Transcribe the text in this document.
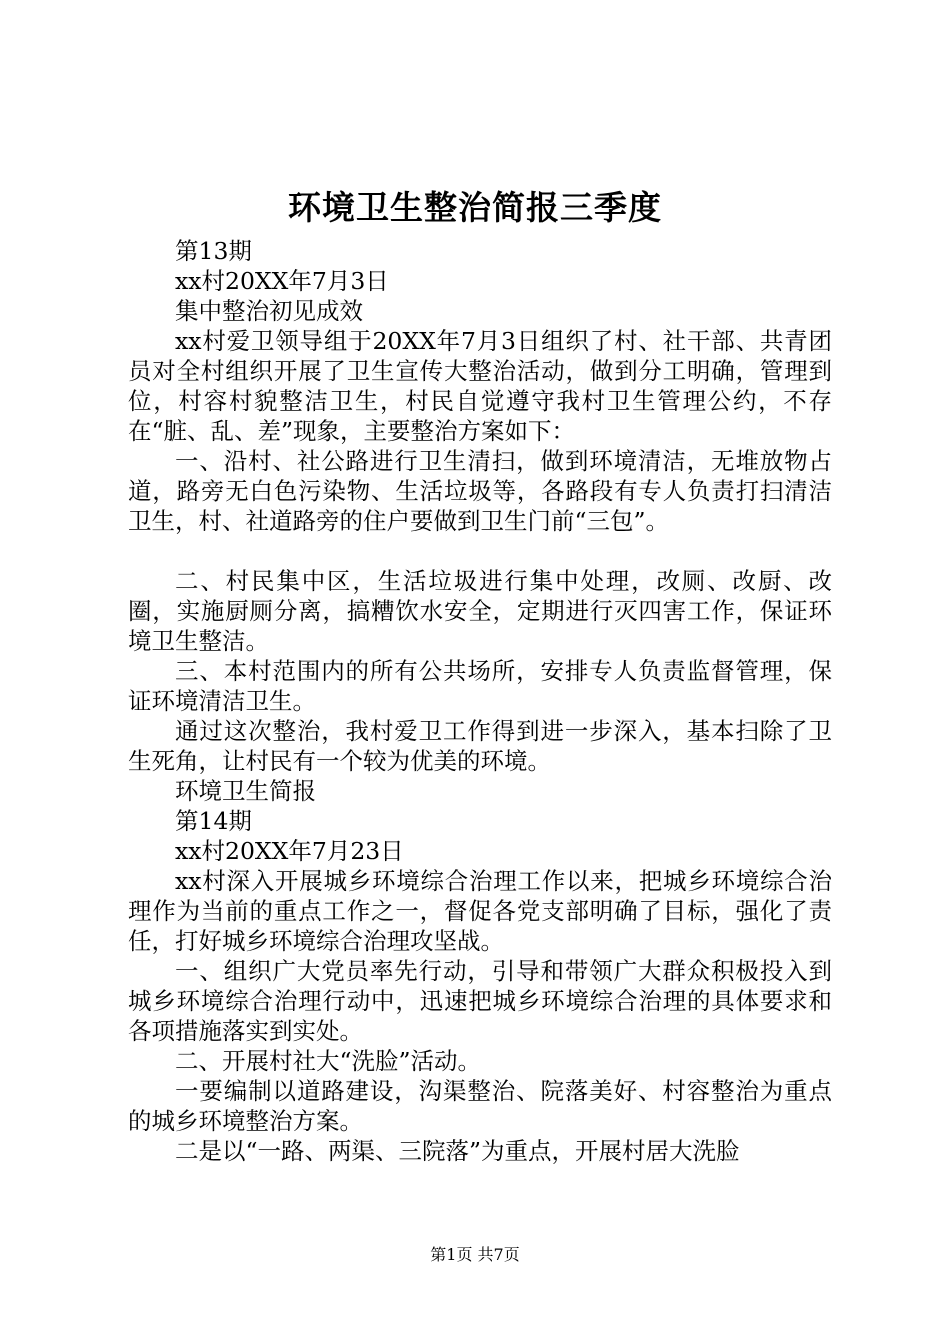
环境卫生整治简报三季度

第13期

xx村20XX年7月3日

集中整治初见成效

xx村爱卫领导组于20XX年7月3日组织了村、社干部、共青团员对全村组织开展了卫生宣传大整治活动，做到分工明确，管理到位，村容村貌整洁卫生，村民自觉遵守我村卫生管理公约，不存在“脏、乱、差”现象，主要整治方案如下：

一、沿村、社公路进行卫生清扫，做到环境清洁，无堆放物占道，路旁无白色污染物、生活垃圾等，各路段有专人负责打扫清洁卫生，村、社道路旁的住户要做到卫生门前“三包”。

二、村民集中区，生活垃圾进行集中处理，改厕、改厨、改圈，实施厨厕分离，搞糟饮水安全，定期进行灭四害工作，保证环境卫生整洁。

三、本村范围内的所有公共场所，安排专人负责监督管理，保证环境清洁卫生。

通过这次整治，我村爱卫工作得到进一步深入，基本扫除了卫生死角，让村民有一个较为优美的环境。

环境卫生简报

第14期

xx村20XX年7月23日

xx村深入开展城乡环境综合治理工作以来，把城乡环境综合治理作为当前的重点工作之一，督促各党支部明确了目标，强化了责任，打好城乡环境综合治理攻坚战。

一、组织广大党员率先行动，引导和带领广大群众积极投入到城乡环境综合治理行动中，迅速把城乡环境综合治理的具体要求和各项措施落实到实处。

二、开展村社大“洗脸”活动。

一要编制以道路建设，沟渠整治、院落美好、村容整治为重点的城乡环境整治方案。

二是以“一路、两渠、三院落”为重点，开展村居大洗脸

第1页 共7页
